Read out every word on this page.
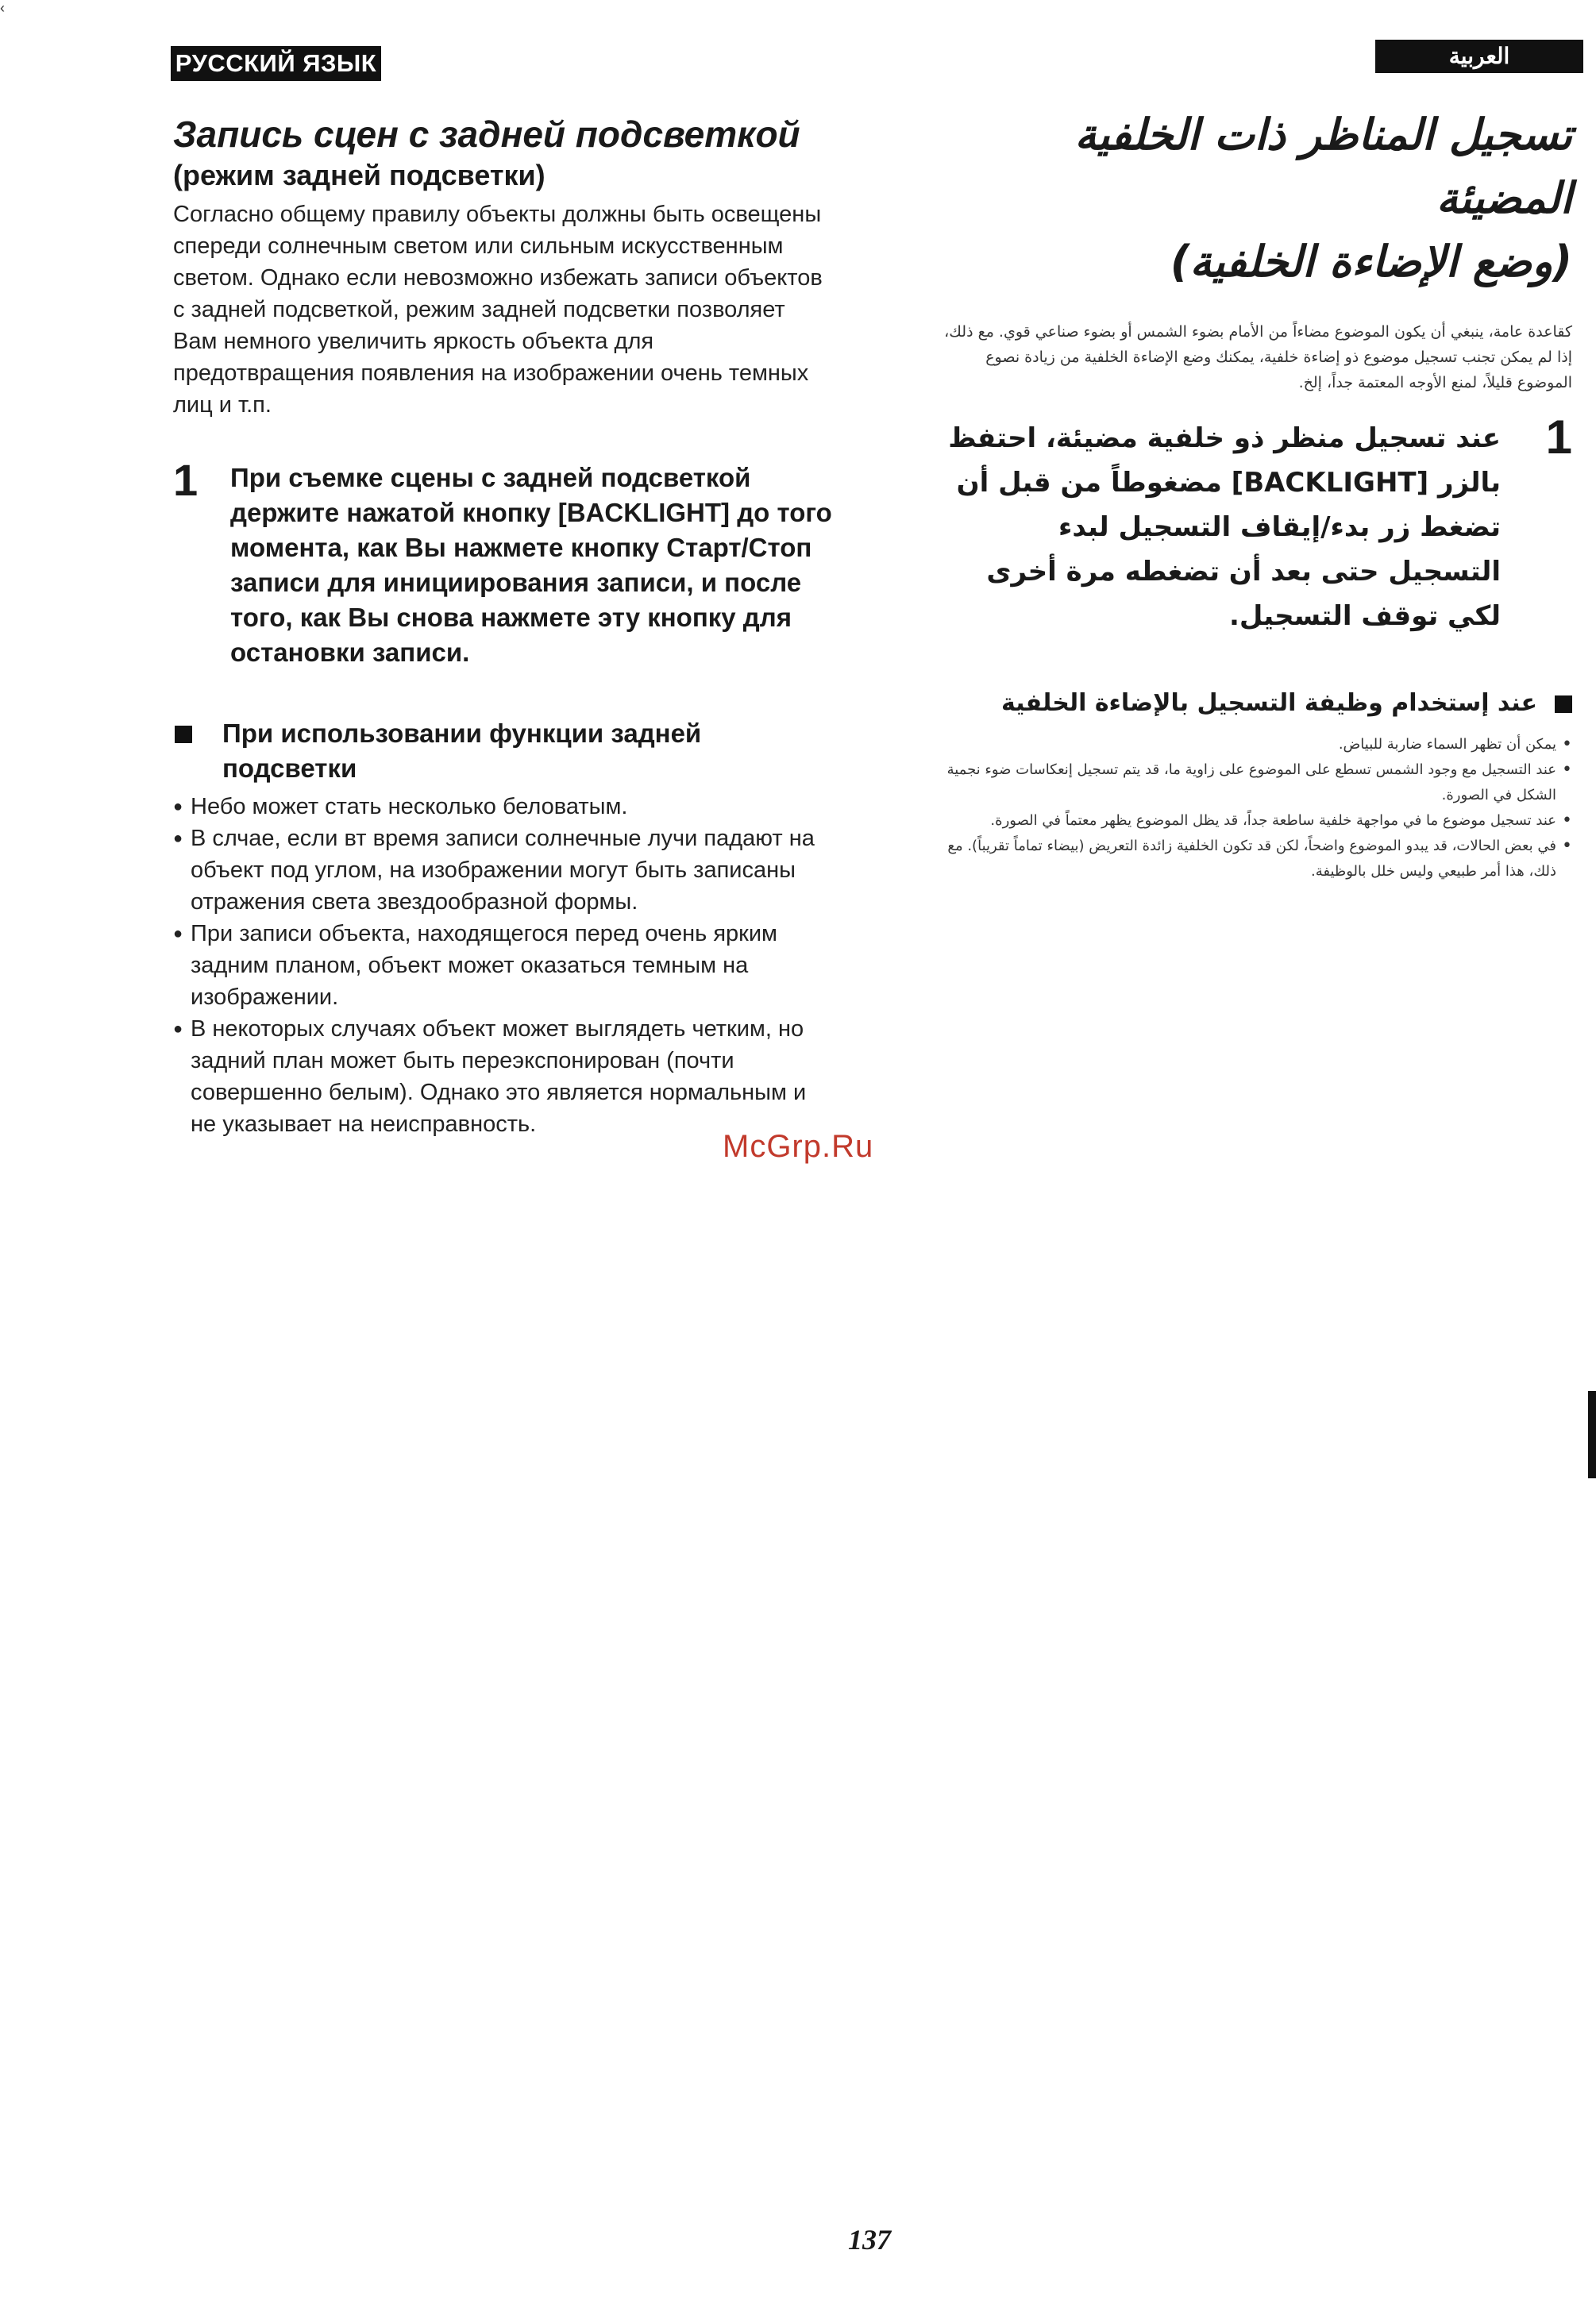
‹
РУССКИЙ ЯЗЫК	العربية
Запись сцен с задней подсветкой
(режим задней подсветки)

Согласно общему правилу объекты должны быть освещены спереди солнечным светом или сильным искусственным светом. Однако если невозможно избежать записи объектов с задней подсветкой, режим задней подсветки позволяет Вам немного увеличить яркость объекта для предотвращения появления на изображении очень темных лиц и т.п.

1 При съемке сцены с задней подсветкой держите нажатой кнопку [BACKLIGHT] до того момента, как Вы нажмете кнопку Старт/Стоп записи для инициирования записи, и после того, как Вы снова нажмете эту кнопку для остановки записи.

При использовании функции задней подсветки
● Небо может стать несколько беловатым.
● В слчае, если вт время записи солнечные лучи падают на объект под углом, на изображении могут быть записаны отражения света звездообразной формы.
● При записи объекта, находящегося перед очень ярким задним планом, объект может оказаться темным на изображении.
● В некоторых случаях объект может выглядеть четким, но задний план может быть переэкспонирован (почти совершенно белым). Однако это является нормальным и не указывает на неисправность.
تسجيل المناظر ذات الخلفية المضيئة
(وضع الإضاءة الخلفية)

كقاعدة عامة، ينبغي أن يكون الموضوع مضاءاً من الأمام بضوء الشمس أو بضوء صناعي قوي. مع ذلك، إذا لم يمكن تجنب تسجيل موضوع ذو إضاءة خلفية، يمكنك وضع الإضاءة الخلفية من زيادة نصوع الموضوع قليلاً، لمنع الأوجه المعتمة جداً، إلخ.

1

عند تسجيل منظر ذو خلفية مضيئة، احتفظ بالزر [BACKLIGHT] مضغوطاً من قبل أن تضغط زر بدء/إيقاف التسجيل لبدء التسجيل حتى بعد أن تضغطه مرة أخرى لكي توقف التسجيل.

عند إستخدام وظيفة التسجيل بالإضاءة الخلفية
• يمكن أن تظهر السماء ضاربة للبياض.
• عند التسجيل مع وجود الشمس تسطع على الموضوع على زاوية ما، قد يتم تسجيل إنعكاسات ضوء نجمية الشكل في الصورة.
• عند تسجيل موضوع ما في مواجهة خلفية ساطعة جداً، قد يظل الموضوع يظهر معتماً في الصورة.
• في بعض الحالات، قد يبدو الموضوع واضحاً، لكن قد تكون الخلفية زائدة التعريض (بيضاء تماماً تقريباً). مع ذلك، هذا أمر طبيعي وليس خلل بالوظيفة.
McGrp.Ru
137
